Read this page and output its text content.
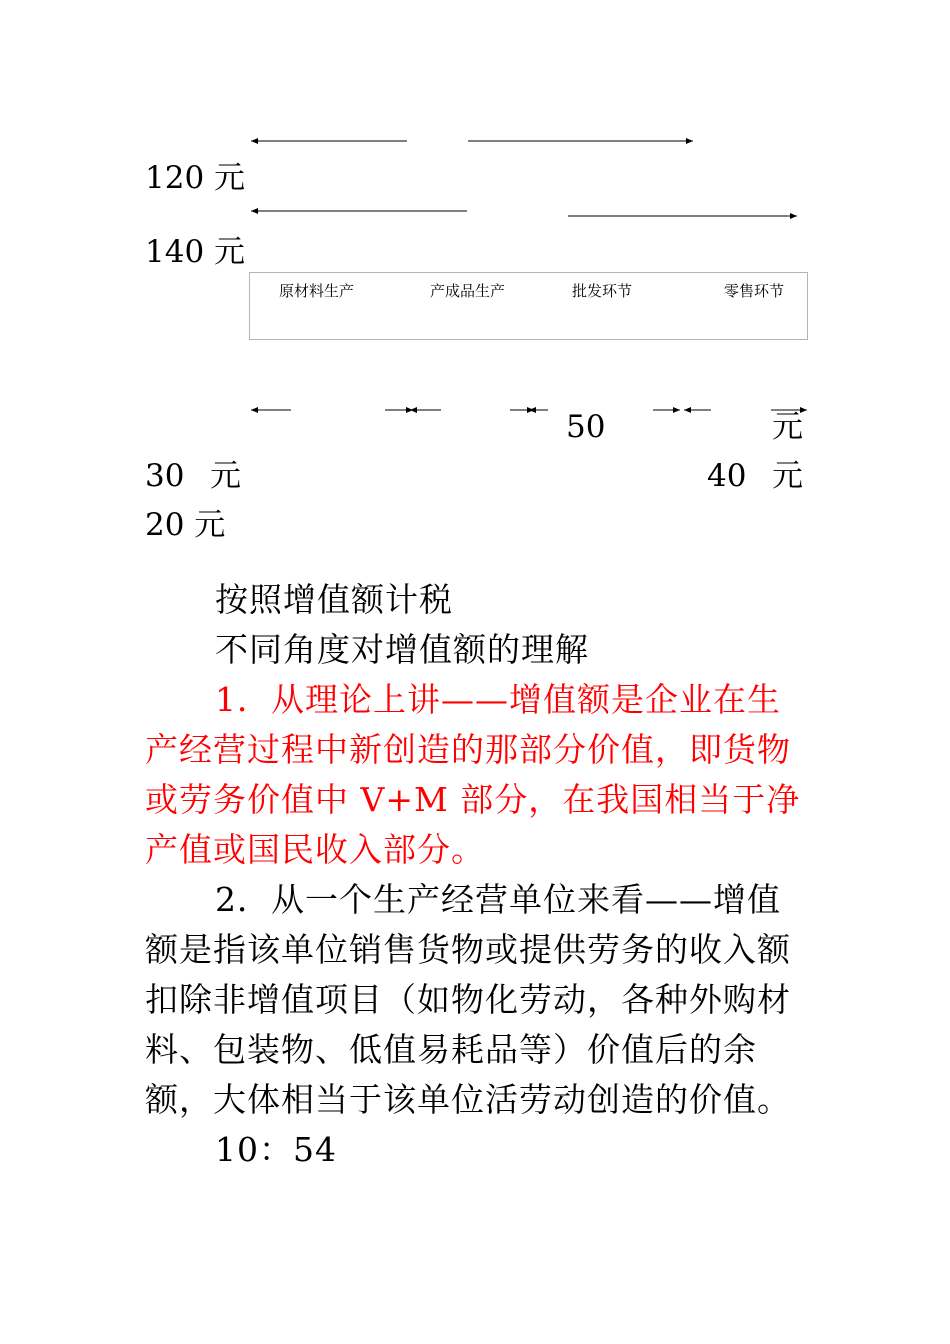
120 元
140 元
原材料生产	产成品生产	批发环节	零售环节
50	元
30 元	40 元
20 元
按照增值额计税
不同角度对增值额的理解
1．从理论上讲——增值额是企业在生产经营过程中新创造的那部分价值，即货物或劳务价值中 V+M 部分，在我国相当于净产值或国民收入部分。
2．从一个生产经营单位来看——增值额是指该单位销售货物或提供劳务的收入额扣除非增值项目（如物化劳动，各种外购材料、包装物、低值易耗品等）价值后的余额，大体相当于该单位活劳动创造的价值。
10：54
